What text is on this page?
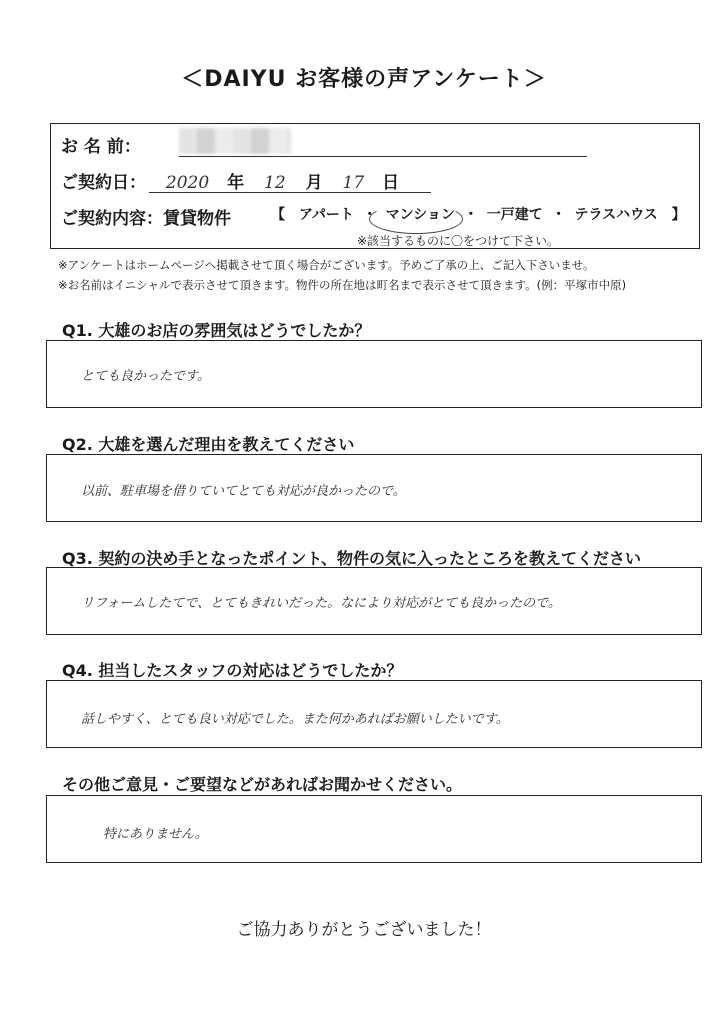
＜DAIYU お客様の声アンケート＞
お 名 前：
ご契約日： 2020 年 12 月 17 日
ご契約内容：賃貸物件	【　アパート ・ マンション ・ 一戸建て ・ テラスハウス　】
※該当するものに〇をつけて下さい。
※アンケートはホームページへ掲載させて頂く場合がございます。予めご了承の上、ご記入下さいませ。
※お名前はイニシャルで表示させて頂きます。物件の所在地は町名まで表示させて頂きます。(例：平塚市中原)
Q1. 大雄のお店の雰囲気はどうでしたか？
とても良かったです。
Q2. 大雄を選んだ理由を教えてください
以前、駐車場を借りていてとても対応が良かったので。
Q3. 契約の決め手となったポイント、物件の気に入ったところを教えてください
リフォームしたてで、とてもきれいだった。なにより対応がとても良かったので。
Q4. 担当したスタッフの対応はどうでしたか？
話しやすく、とても良い対応でした。また何かあればお願いしたいです。
その他ご意見・ご要望などがあればお聞かせください。
特にありません。
ご協力ありがとうございました！
